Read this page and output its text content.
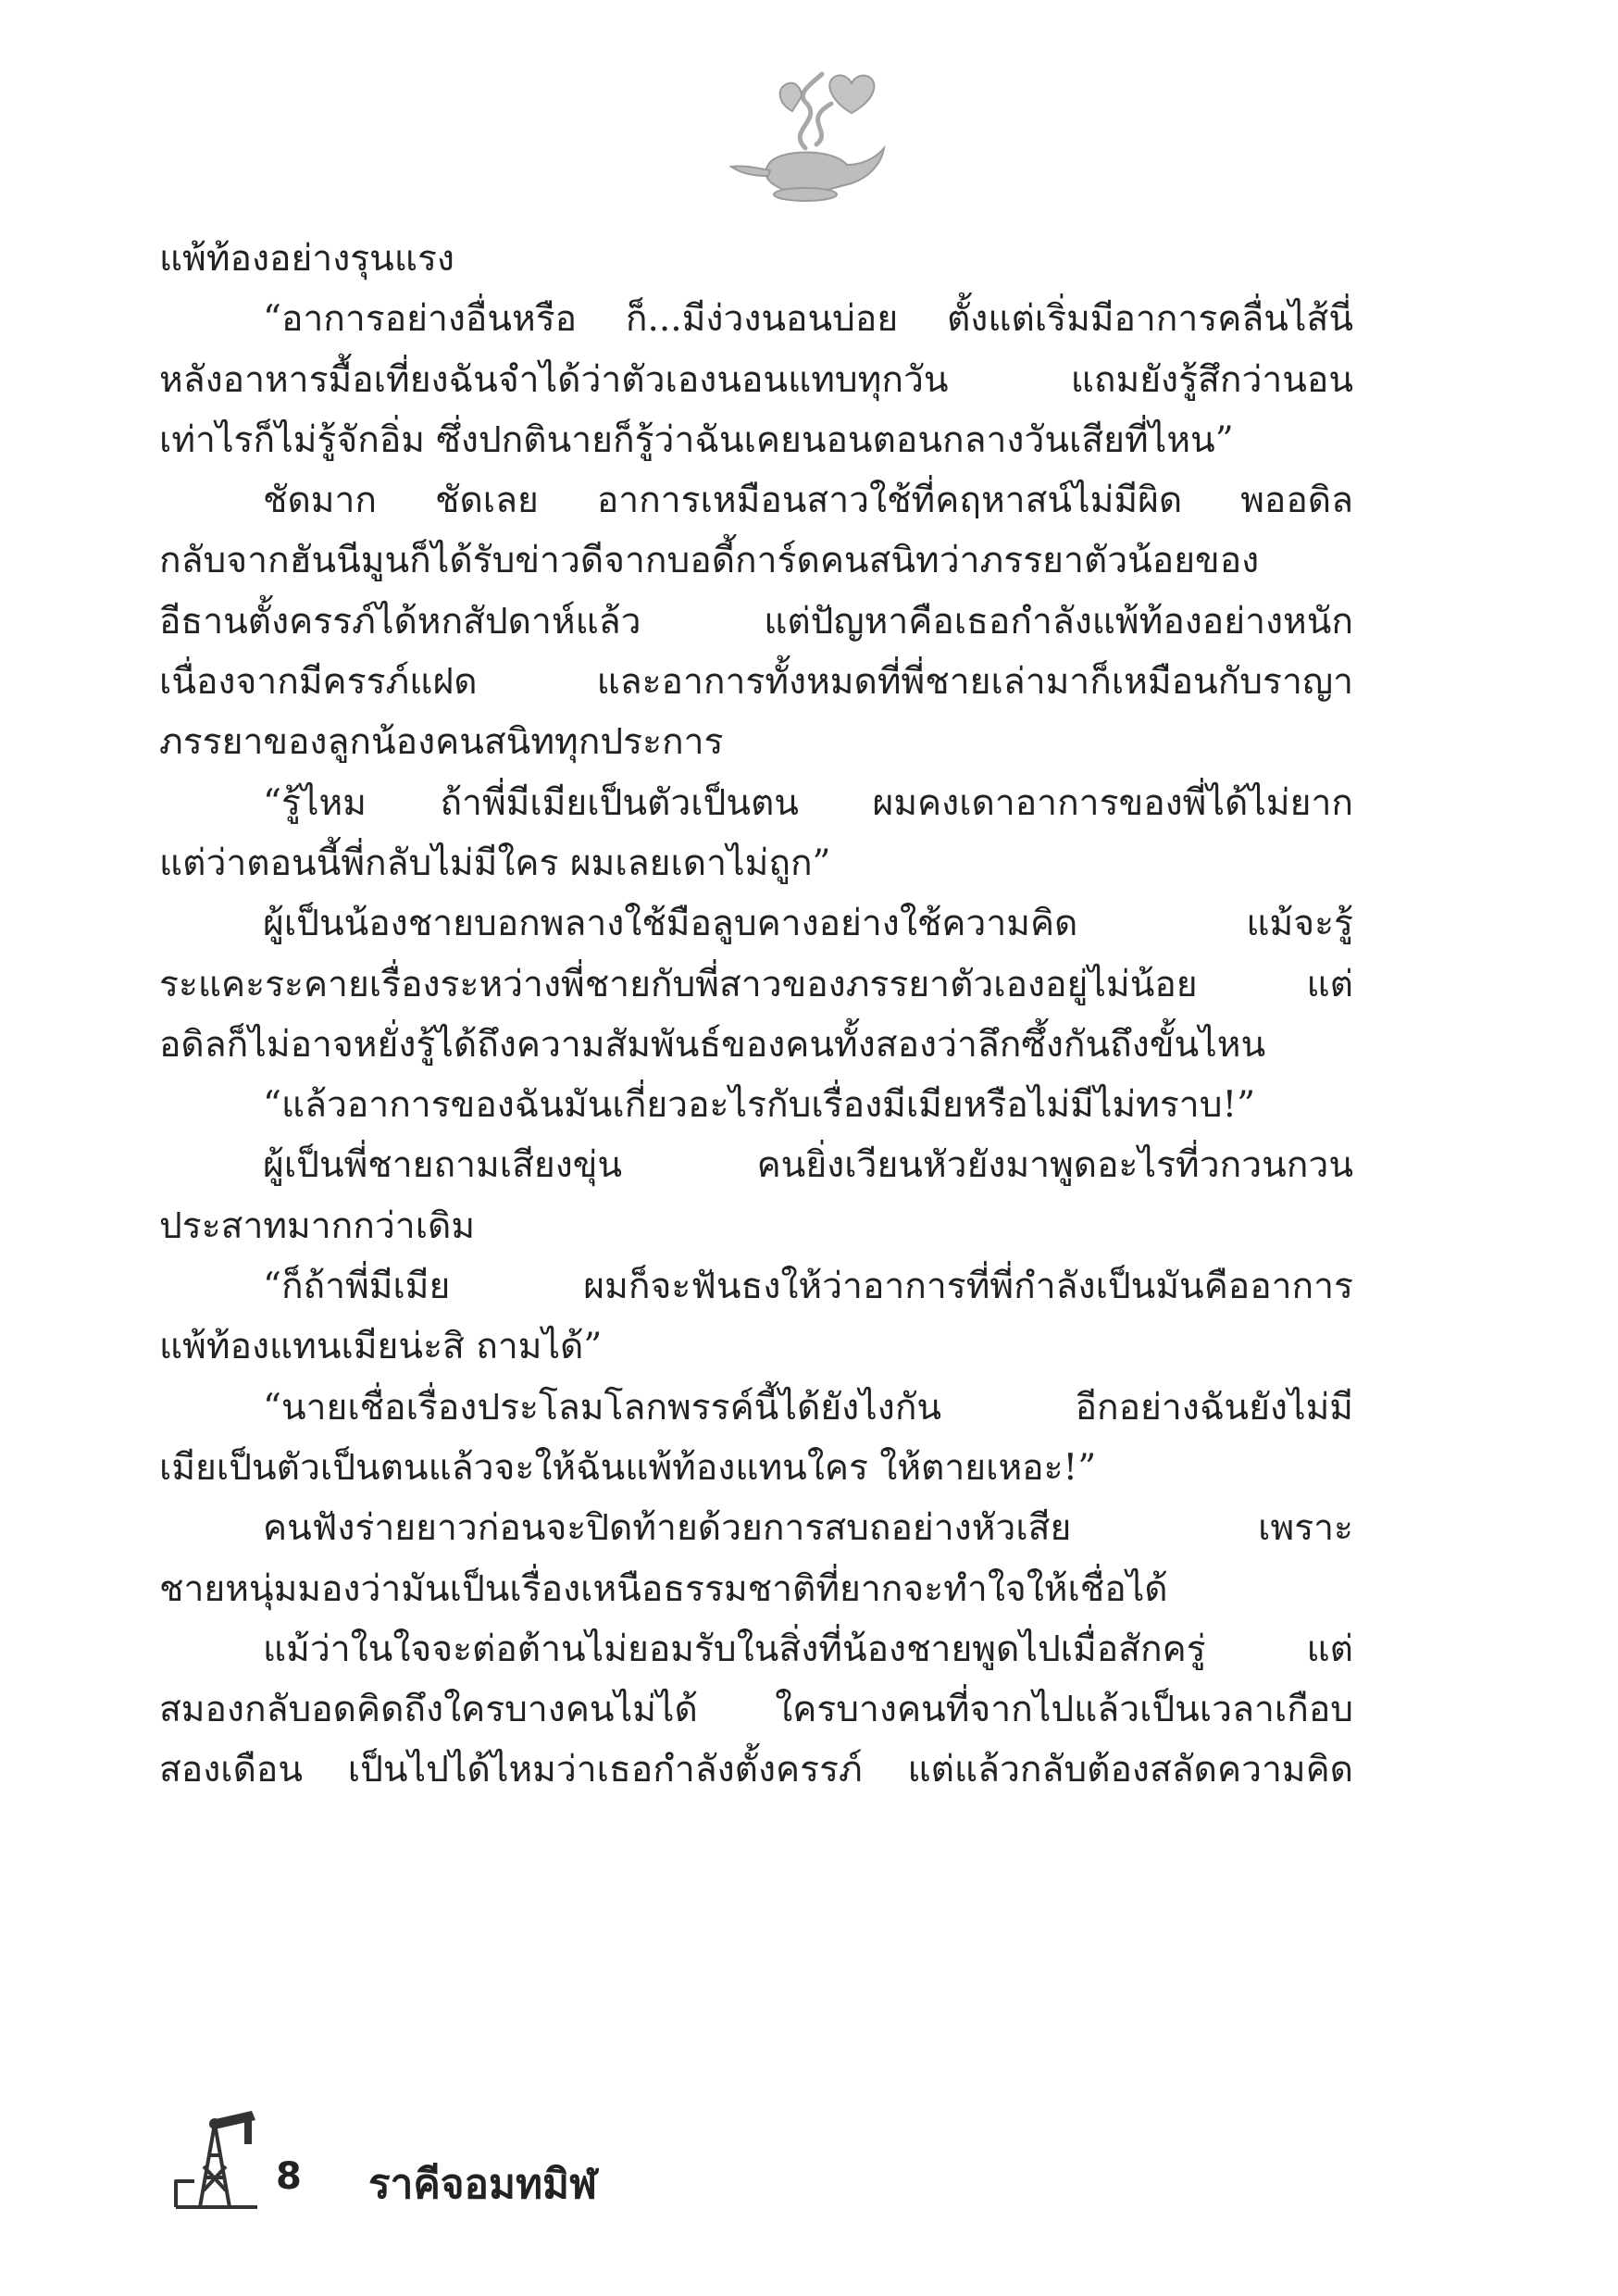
แพ้ท้องอย่างรุนแรง
“อาการอย่างอื่นหรือ ก็...มีง่วงนอนบ่อย ตั้งแต่เริ่มมีอาการคลื่นไส้นี่
หลังอาหารมื้อเที่ยงฉันจำได้ว่าตัวเองนอนแทบทุกวัน แถมยังรู้สึกว่านอน
เท่าไรก็ไม่รู้จักอิ่ม ซึ่งปกตินายก็รู้ว่าฉันเคยนอนตอนกลางวันเสียที่ไหน”
ชัดมาก ชัดเลย อาการเหมือนสาวใช้ที่คฤหาสน์ไม่มีผิด พออดิล
กลับจากฮันนีมูนก็ได้รับข่าวดีจากบอดี้การ์ดคนสนิทว่าภรรยาตัวน้อยของ
อีธานตั้งครรภ์ได้หกสัปดาห์แล้ว แต่ปัญหาคือเธอกำลังแพ้ท้องอย่างหนัก
เนื่องจากมีครรภ์แฝด และอาการทั้งหมดที่พี่ชายเล่ามาก็เหมือนกับราญา
ภรรยาของลูกน้องคนสนิททุกประการ
“รู้ไหม ถ้าพี่มีเมียเป็นตัวเป็นตน ผมคงเดาอาการของพี่ได้ไม่ยาก
แต่ว่าตอนนี้พี่กลับไม่มีใคร ผมเลยเดาไม่ถูก”
ผู้เป็นน้องชายบอกพลางใช้มือลูบคางอย่างใช้ความคิด แม้จะรู้
ระแคะระคายเรื่องระหว่างพี่ชายกับพี่สาวของภรรยาตัวเองอยู่ไม่น้อย แต่
อดิลก็ไม่อาจหยั่งรู้ได้ถึงความสัมพันธ์ของคนทั้งสองว่าลึกซึ้งกันถึงขั้นไหน
“แล้วอาการของฉันมันเกี่ยวอะไรกับเรื่องมีเมียหรือไม่มีไม่ทราบ!”
ผู้เป็นพี่ชายถามเสียงขุ่น คนยิ่งเวียนหัวยังมาพูดอะไรที่วกวนกวน
ประสาทมากกว่าเดิม
“ก็ถ้าพี่มีเมีย ผมก็จะฟันธงให้ว่าอาการที่พี่กำลังเป็นมันคืออาการ
แพ้ท้องแทนเมียน่ะสิ ถามได้”
“นายเชื่อเรื่องประโลมโลกพรรค์นี้ได้ยังไงกัน อีกอย่างฉันยังไม่มี
เมียเป็นตัวเป็นตนแล้วจะให้ฉันแพ้ท้องแทนใคร ให้ตายเหอะ!”
คนฟังร่ายยาวก่อนจะปิดท้ายด้วยการสบถอย่างหัวเสีย เพราะ
ชายหนุ่มมองว่ามันเป็นเรื่องเหนือธรรมชาติที่ยากจะทำใจให้เชื่อได้
แม้ว่าในใจจะต่อต้านไม่ยอมรับในสิ่งที่น้องชายพูดไปเมื่อสักครู่ แต่
สมองกลับอดคิดถึงใครบางคนไม่ได้ ใครบางคนที่จากไปแล้วเป็นเวลาเกือบ
สองเดือน เป็นไปได้ไหมว่าเธอกำลังตั้งครรภ์ แต่แล้วกลับต้องสลัดความคิด
8 ราคีจอมทมิฬ
